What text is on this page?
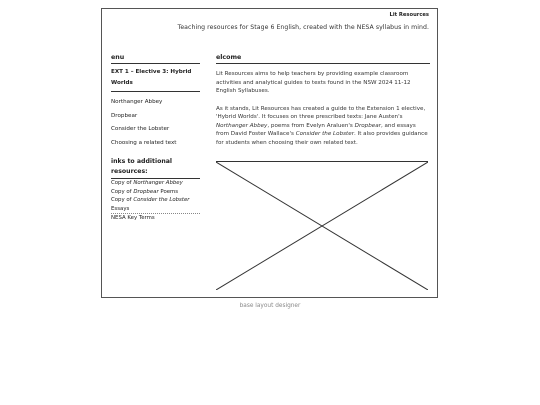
Lit Resources
Teaching resources for Stage 6 English, created with the NESA syllabus in mind.
enu
EXT 1 – Elective 3: Hybrid Worlds
Northanger Abbey
Dropbear
Consider the Lobster
Choosing a related text
inks to additional resources:
Copy of Northanger Abbey
Copy of Dropbear Poems
Copy of Consider the Lobster Essays
NESA Key Terms
elcome

Lit Resources aims to help teachers by providing example classroom activities and analytical guides to texts found in the NSW 2024 11-12 English Syllabuses.

As it stands, Lit Resources has created a guide to the Extension 1 elective, 'Hybrid Worlds'. It focuses on three prescribed texts: Jane Austen's Northanger Abbey, poems from Evelyn Araluen's Dropbear, and essays from David Foster Wallace's Consider the Lobster. It also provides guidance for students when choosing their own related text.

base layout designer
